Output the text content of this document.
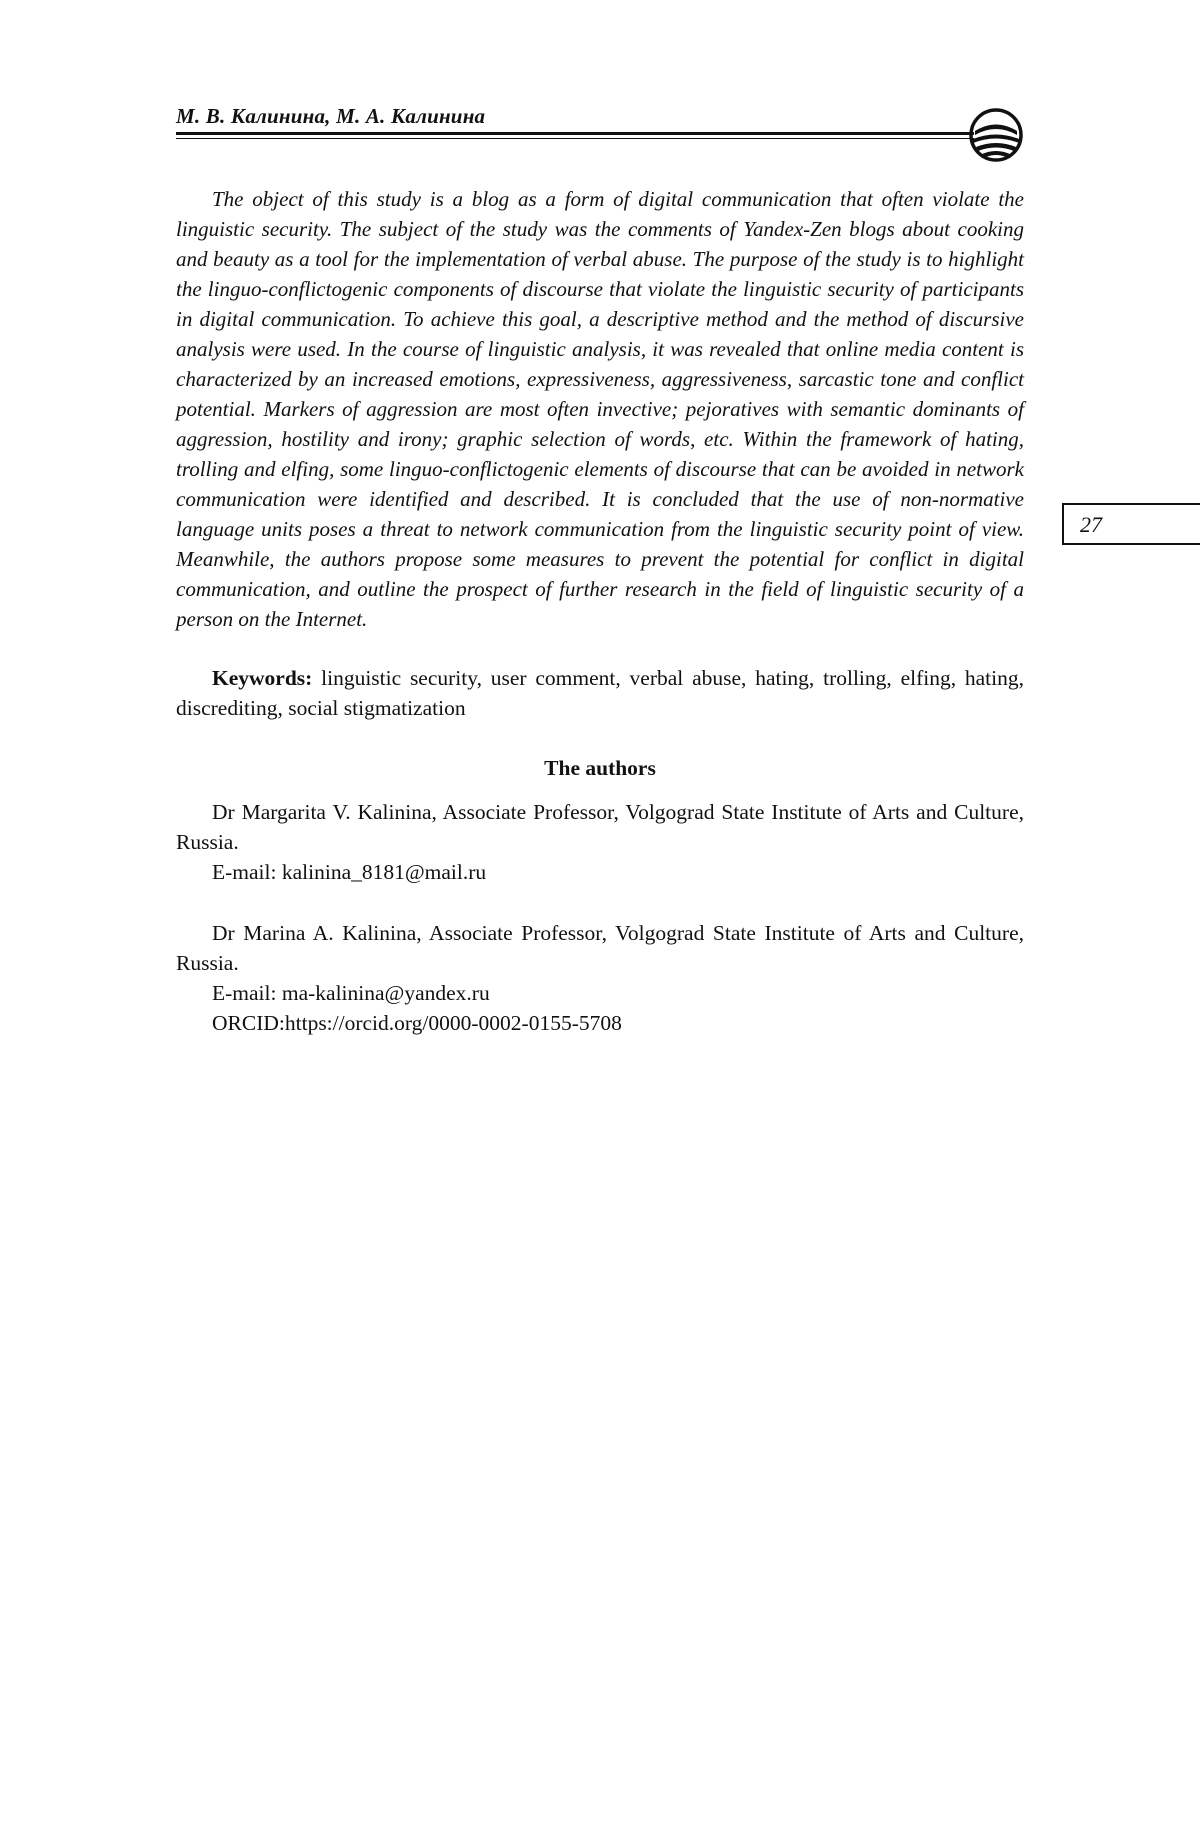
М. В. Калинина, М. А. Калинина

The object of this study is a blog as a form of digital communication that often violate the linguistic security. The subject of the study was the comments of Yandex-Zen blogs about cooking and beauty as a tool for the implementation of verbal abuse. The purpose of the study is to highlight the linguo-conflictogenic components of discourse that violate the linguistic security of participants in digital communication. To achieve this goal, a descriptive method and the method of discursive analysis were used. In the course of linguistic analysis, it was revealed that online media content is characterized by an increased emotions, expressiveness, aggressiveness, sarcastic tone and conflict potential. Markers of aggression are most often invective; pejoratives with semantic dominants of aggression, hostility and irony; graphic selection of words, etc. Within the framework of hating, trolling and elfing, some linguo-conflictogenic elements of discourse that can be avoided in network communication were identified and described. It is concluded that the use of non-normative language units poses a threat to network communication from the linguistic security point of view. Meanwhile, the authors propose some measures to prevent the potential for conflict in digital communication, and outline the prospect of further research in the field of linguistic security of a person on the Internet.

27

Keywords: linguistic security, user comment, verbal abuse, hating, trolling, elfing, hating, discrediting, social stigmatization

The authors

Dr Margarita V. Kalinina, Associate Professor, Volgograd State Institute of Arts and Culture, Russia.

E-mail: kalinina_8181@mail.ru

Dr Marina A. Kalinina, Associate Professor, Volgograd State Institute of Arts and Culture, Russia.

E-mail: ma-kalinina@yandex.ru

ORCID:https://orcid.org/0000-0002-0155-5708
